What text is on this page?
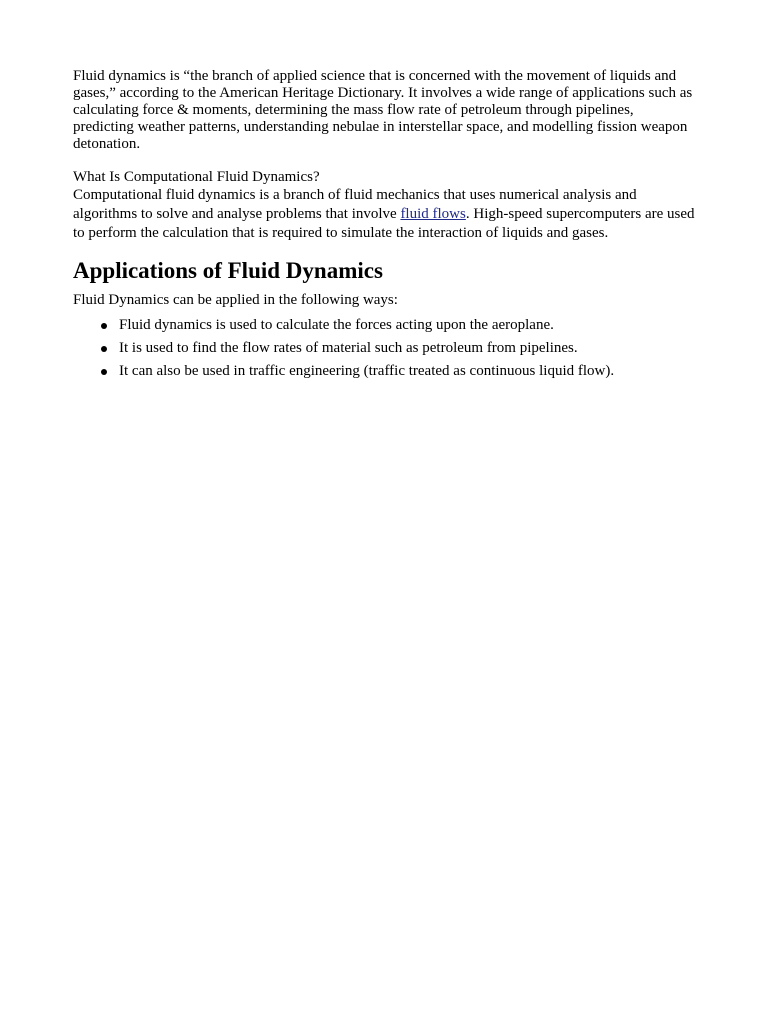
Fluid dynamics is “the branch of applied science that is concerned with the movement of liquids and gases,” according to the American Heritage Dictionary. It involves a wide range of applications such as calculating force & moments, determining the mass flow rate of petroleum through pipelines, predicting weather patterns, understanding nebulae in interstellar space, and modelling fission weapon detonation.

What Is Computational Fluid Dynamics?

Computational fluid dynamics is a branch of fluid mechanics that uses numerical analysis and algorithms to solve and analyse problems that involve fluid flows. High-speed supercomputers are used to perform the calculation that is required to simulate the interaction of liquids and gases.

Applications of Fluid Dynamics

Fluid Dynamics can be applied in the following ways:

Fluid dynamics is used to calculate the forces acting upon the aeroplane.
It is used to find the flow rates of material such as petroleum from pipelines.
It can also be used in traffic engineering (traffic treated as continuous liquid flow).
